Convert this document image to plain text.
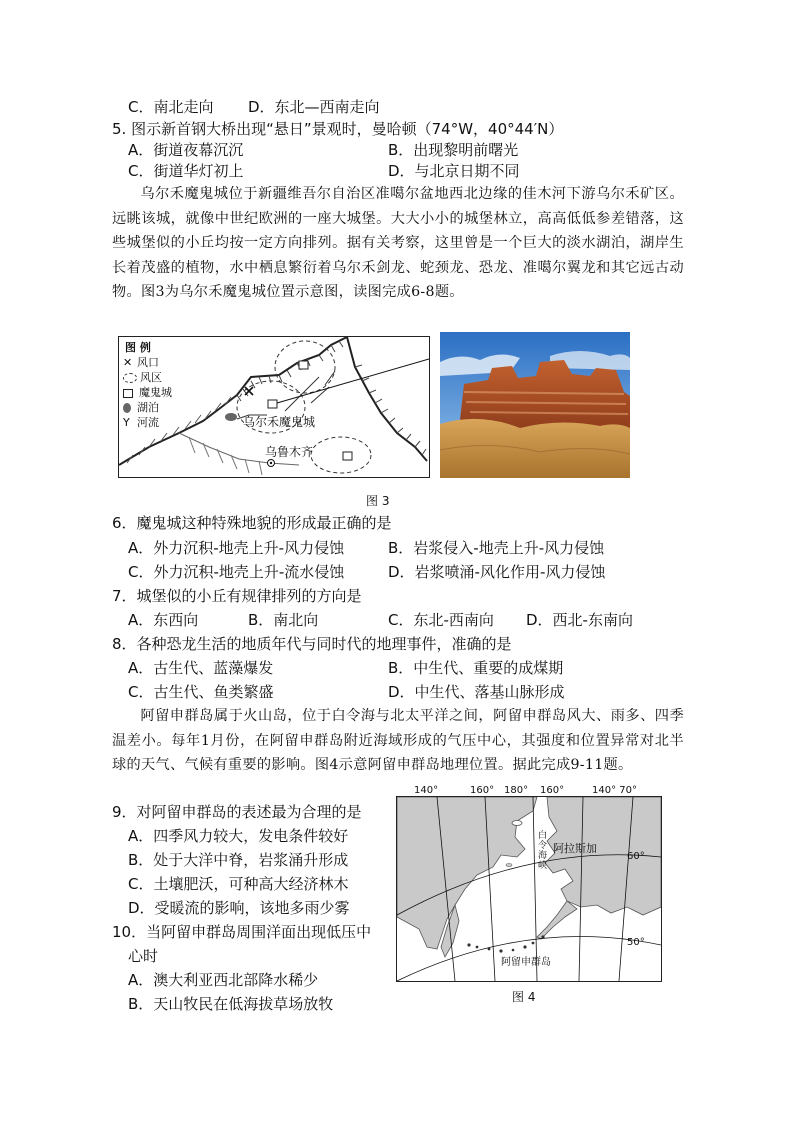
C．南北走向 D．东北—西南走向
5. 图示新首钢大桥出现“悬日”景观时，曼哈顿（74°W，40°44′N）
A．街道夜幕沉沉	B．出现黎明前曙光
C．街道华灯初上	D．与北京日期不同
乌尔禾魔鬼城位于新疆维吾尔自治区准噶尔盆地西北边缘的佳木河下游乌尔禾矿区。远眺该城，就像中世纪欧洲的一座大城堡。大大小小的城堡林立，高高低低参差错落，这些城堡似的小丘均按一定方向排列。据有关考察，这里曾是一个巨大的淡水湖泊，湖岸生长着茂盛的植物，水中栖息繁衍着乌尔禾剑龙、蛇颈龙、恐龙、准噶尔翼龙和其它远古动物。图3为乌尔禾魔鬼城位置示意图，读图完成6-8题。
图 例
✕ 风口
风区
魔鬼城
湖泊
Y 河流	乌尔禾魔鬼城
乌鲁木齐
图 3
6．魔鬼城这种特殊地貌的形成最正确的是
A．外力沉积-地壳上升-风力侵蚀	B．岩浆侵入-地壳上升-风力侵蚀
C．外力沉积-地壳上升-流水侵蚀	D．岩浆喷涌-风化作用-风力侵蚀
7．城堡似的小丘有规律排列的方向是
A．东西向	B．南北向	C．东北-西南向 D．西北-东南向
8．各种恐龙生活的地质年代与同时代的地理事件，准确的是
A．古生代、蓝藻爆发	B．中生代、重要的成煤期
C．古生代、鱼类繁盛	D．中生代、落基山脉形成
阿留申群岛属于火山岛，位于白令海与北太平洋之间，阿留申群岛风大、雨多、四季温差小。每年1月份，在阿留申群岛附近海域形成的气压中心，其强度和位置异常对北半球的天气、气候有重要的影响。图4示意阿留申群岛地理位置。据此完成9-11题。
9．对阿留申群岛的表述最为合理的是
A．四季风力较大，发电条件较好
B．处于大洋中脊，岩浆涌升形成
C．土壤肥沃，可种高大经济林木
D．受暖流的影响，该地多雨少雾
10．当阿留申群岛周围洋面出现低压中
心时
A．澳大利亚西北部降水稀少
B．天山牧民在低海拔草场放牧
阿拉斯加
白
令
海
峡
阿留申群岛
60°
50°
140°	160° 180° 160°	140° 70°
图 4
